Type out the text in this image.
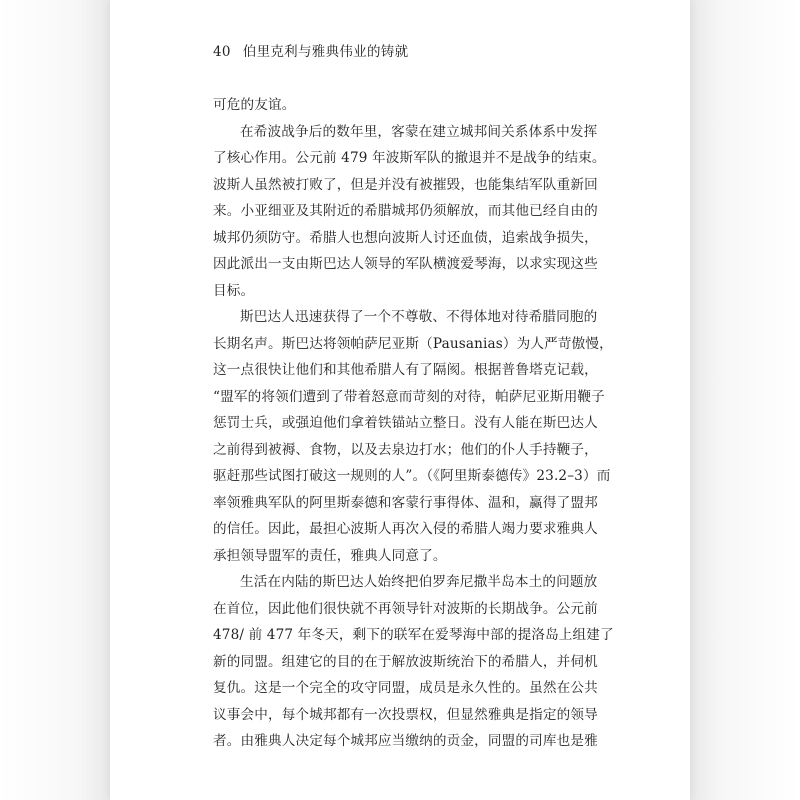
40 伯里克利与雅典伟业的铸就
可危的友谊。
在希波战争后的数年里，客蒙在建立城邦间关系体系中发挥
了核心作用。公元前 479 年波斯军队的撤退并不是战争的结束。
波斯人虽然被打败了，但是并没有被摧毁，也能集结军队重新回
来。小亚细亚及其附近的希腊城邦仍须解放，而其他已经自由的
城邦仍须防守。希腊人也想向波斯人讨还血债，追索战争损失，
因此派出一支由斯巴达人领导的军队横渡爱琴海，以求实现这些
目标。
斯巴达人迅速获得了一个不尊敬、不得体地对待希腊同胞的
长期名声。斯巴达将领帕萨尼亚斯（Pausanias）为人严苛傲慢，
这一点很快让他们和其他希腊人有了隔阂。根据普鲁塔克记载，
“盟军的将领们遭到了带着怒意而苛刻的对待，帕萨尼亚斯用鞭子
惩罚士兵，或强迫他们拿着铁锚站立整日。没有人能在斯巴达人
之前得到被褥、食物，以及去泉边打水；他们的仆人手持鞭子，
驱赶那些试图打破这一规则的人”。（《阿里斯泰德传》23.2–3）而
率领雅典军队的阿里斯泰德和客蒙行事得体、温和，赢得了盟邦
的信任。因此，最担心波斯人再次入侵的希腊人竭力要求雅典人
承担领导盟军的责任，雅典人同意了。
生活在内陆的斯巴达人始终把伯罗奔尼撒半岛本土的问题放
在首位，因此他们很快就不再领导针对波斯的长期战争。公元前
478/ 前 477 年冬天，剩下的联军在爱琴海中部的提洛岛上组建了
新的同盟。组建它的目的在于解放波斯统治下的希腊人，并伺机
复仇。这是一个完全的攻守同盟，成员是永久性的。虽然在公共
议事会中，每个城邦都有一次投票权，但显然雅典是指定的领导
者。由雅典人决定每个城邦应当缴纳的贡金，同盟的司库也是雅
